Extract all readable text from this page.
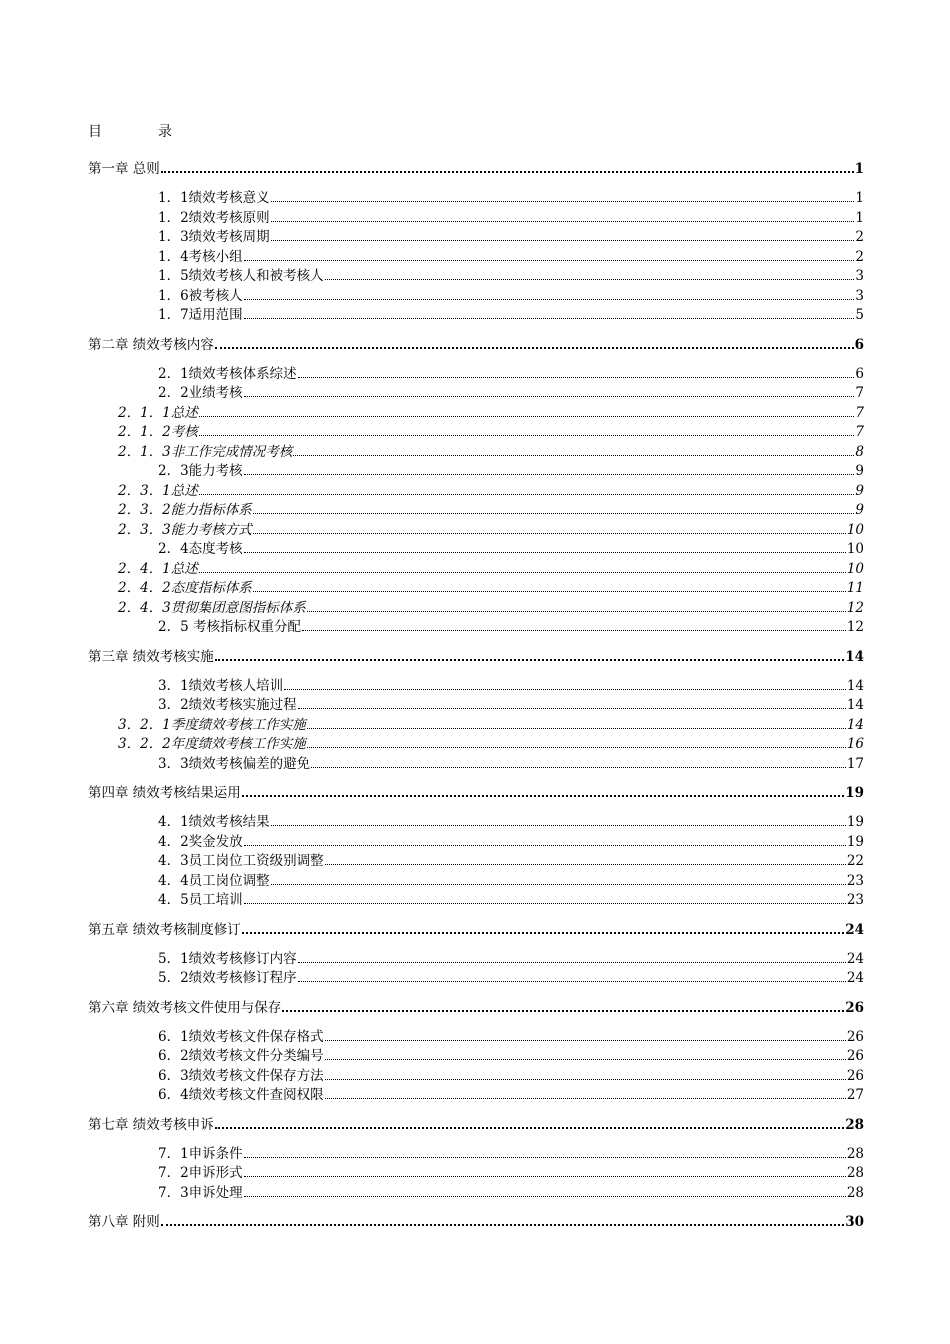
目	录
第一章 总则	1
1．1绩效考核意义	1
1．2绩效考核原则	1
1．3绩效考核周期	2
1．4考核小组	2
1．5绩效考核人和被考核人	3
1．6被考核人	3
1．7适用范围	5
第二章 绩效考核内容	6
2．1绩效考核体系综述	6
2．2业绩考核	7
2．1．1总述	7
2．1．2考核	7
2．1．3非工作完成情况考核	8
2．3能力考核	9
2．3．1总述	9
2．3．2能力指标体系	9
2．3．3能力考核方式	10
2．4态度考核	10
2．4．1总述	10
2．4．2态度指标体系	11
2．4．3贯彻集团意图指标体系	12
2．5 考核指标权重分配	12
第三章 绩效考核实施	14
3．1绩效考核人培训	14
3．2绩效考核实施过程	14
3．2．1季度绩效考核工作实施	14
3．2．2年度绩效考核工作实施	16
3．3绩效考核偏差的避免	17
第四章 绩效考核结果运用	19
4．1绩效考核结果	19
4．2奖金发放	19
4．3员工岗位工资级别调整	22
4．4员工岗位调整	23
4．5员工培训	23
第五章 绩效考核制度修订	24
5．1绩效考核修订内容	24
5．2绩效考核修订程序	24
第六章 绩效考核文件使用与保存	26
6．1绩效考核文件保存格式	26
6．2绩效考核文件分类编号	26
6．3绩效考核文件保存方法	26
6．4绩效考核文件查阅权限	27
第七章 绩效考核申诉	28
7．1申诉条件	28
7．2申诉形式	28
7．3申诉处理	28
第八章 附则	30
